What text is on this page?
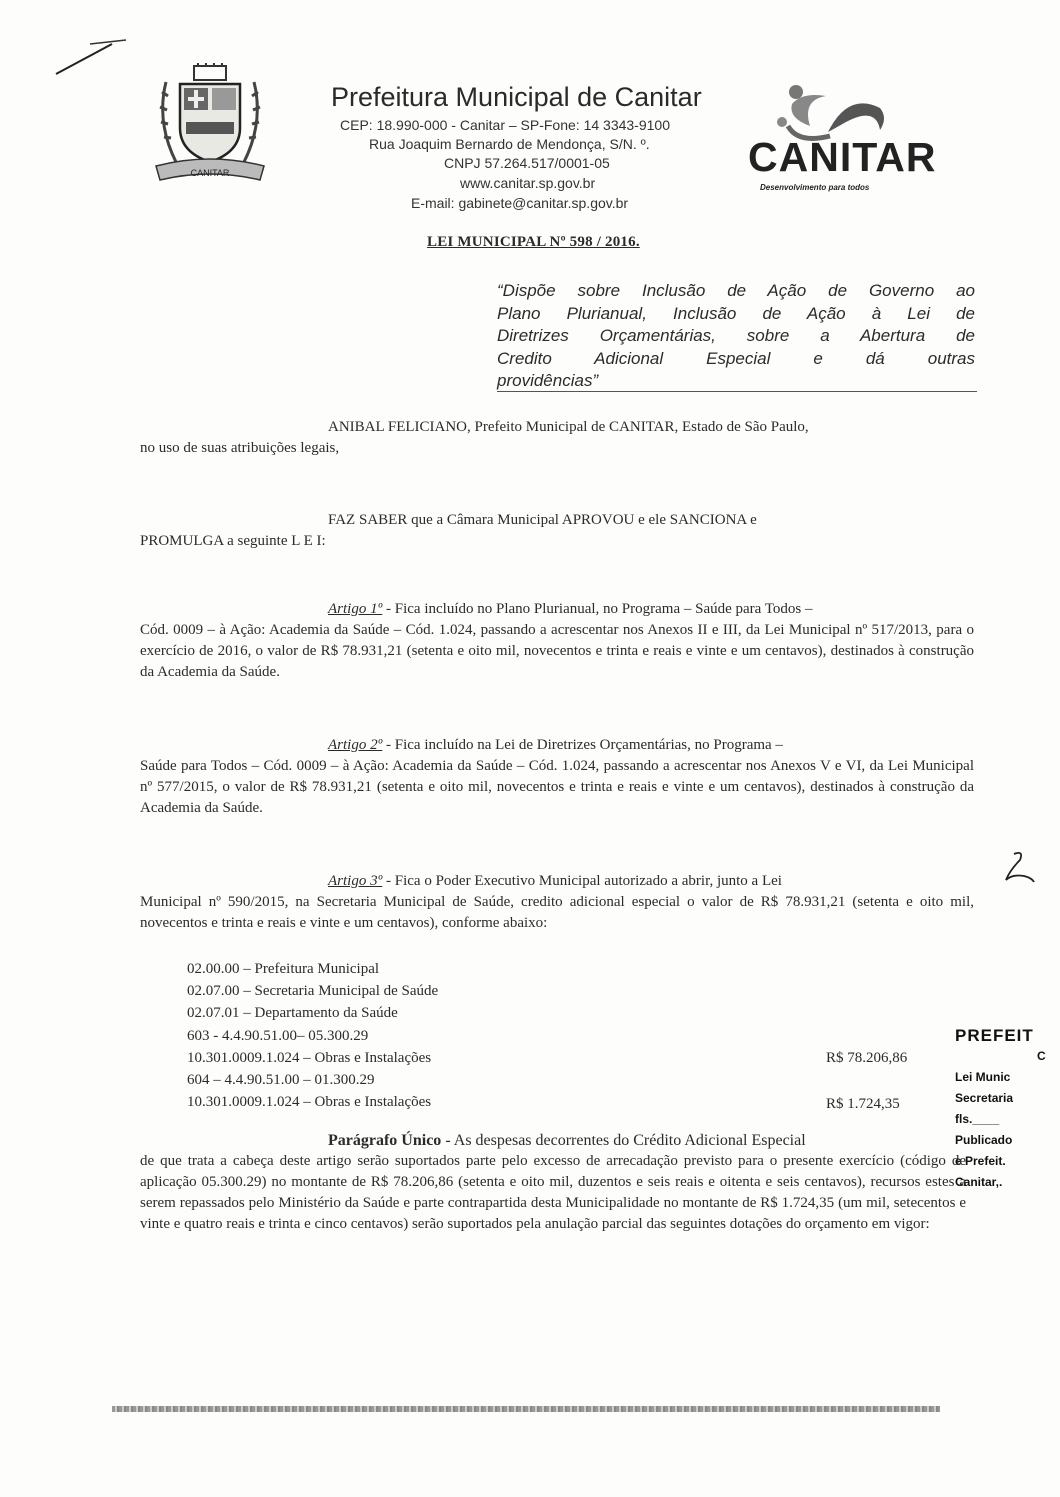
CANITAR
Prefeitura Municipal de Canitar
CEP: 18.990-000 - Canitar – SP-Fone: 14 3343-9100
Rua Joaquim Bernardo de Mendonça, S/N. º.
CNPJ 57.264.517/0001-05
www.canitar.sp.gov.br
E-mail: gabinete@canitar.sp.gov.br
CANITAR
Desenvolvimento para todos
LEI MUNICIPAL Nº 598 / 2016.
“Dispõe sobre Inclusão de Ação de Governo ao
Plano Plurianual, Inclusão de Ação à Lei de
Diretrizes Orçamentárias, sobre a Abertura de
Credito Adicional Especial e dá outras
providências”
ANIBAL FELICIANO, Prefeito Municipal de CANITAR, Estado de São Paulo,
no uso de suas atribuições legais,
FAZ SABER que a Câmara Municipal APROVOU e ele SANCIONA e
PROMULGA a seguinte L E I:
Artigo 1º - Fica incluído no Plano Plurianual, no Programa – Saúde para Todos –
Cód. 0009 – à Ação: Academia da Saúde – Cód. 1.024, passando a acrescentar nos Anexos II e III, da Lei Municipal nº 517/2013, para o exercício de 2016, o valor de R$ 78.931,21 (setenta e oito mil, novecentos e trinta e reais e vinte e um centavos), destinados à construção da Academia da Saúde.
Artigo 2º - Fica incluído na Lei de Diretrizes Orçamentárias, no Programa –
Saúde para Todos – Cód. 0009 – à Ação: Academia da Saúde – Cód. 1.024, passando a acrescentar nos Anexos V e VI, da Lei Municipal nº 577/2015, o valor de R$ 78.931,21 (setenta e oito mil, novecentos e trinta e reais e vinte e um centavos), destinados à construção da Academia da Saúde.
Artigo 3º - Fica o Poder Executivo Municipal autorizado a abrir, junto a Lei
Municipal nº 590/2015, na Secretaria Municipal de Saúde, credito adicional especial o valor de R$ 78.931,21 (setenta e oito mil, novecentos e trinta e reais e vinte e um centavos), conforme abaixo:
02.00.00 – Prefeitura Municipal
02.07.00 – Secretaria Municipal de Saúde
02.07.01 – Departamento da Saúde
603 - 4.4.90.51.00– 05.300.29
10.301.0009.1.024 – Obras e Instalações
604 – 4.4.90.51.00 – 01.300.29
10.301.0009.1.024 – Obras e Instalações
R$ 78.206,86
R$ 1.724,35
PREFEIT
C
Lei Munic
Secretaria
fls.____
Publicado
e Prefeit.
Canitar,.
Parágrafo Único - As despesas decorrentes do Crédito Adicional Especial
de que trata a cabeça deste artigo serão suportados parte pelo excesso de arrecadação previsto para o presente exercício (código de aplicação 05.300.29) no montante de R$ 78.206,86 (setenta e oito mil, duzentos e seis reais e oitenta e seis centavos), recursos estes a serem repassados pelo Ministério da Saúde e parte contrapartida desta Municipalidade no montante de R$ 1.724,35 (um mil, setecentos e vinte e quatro reais e trinta e cinco centavos) serão suportados pela anulação parcial das seguintes dotações do orçamento em vigor:
